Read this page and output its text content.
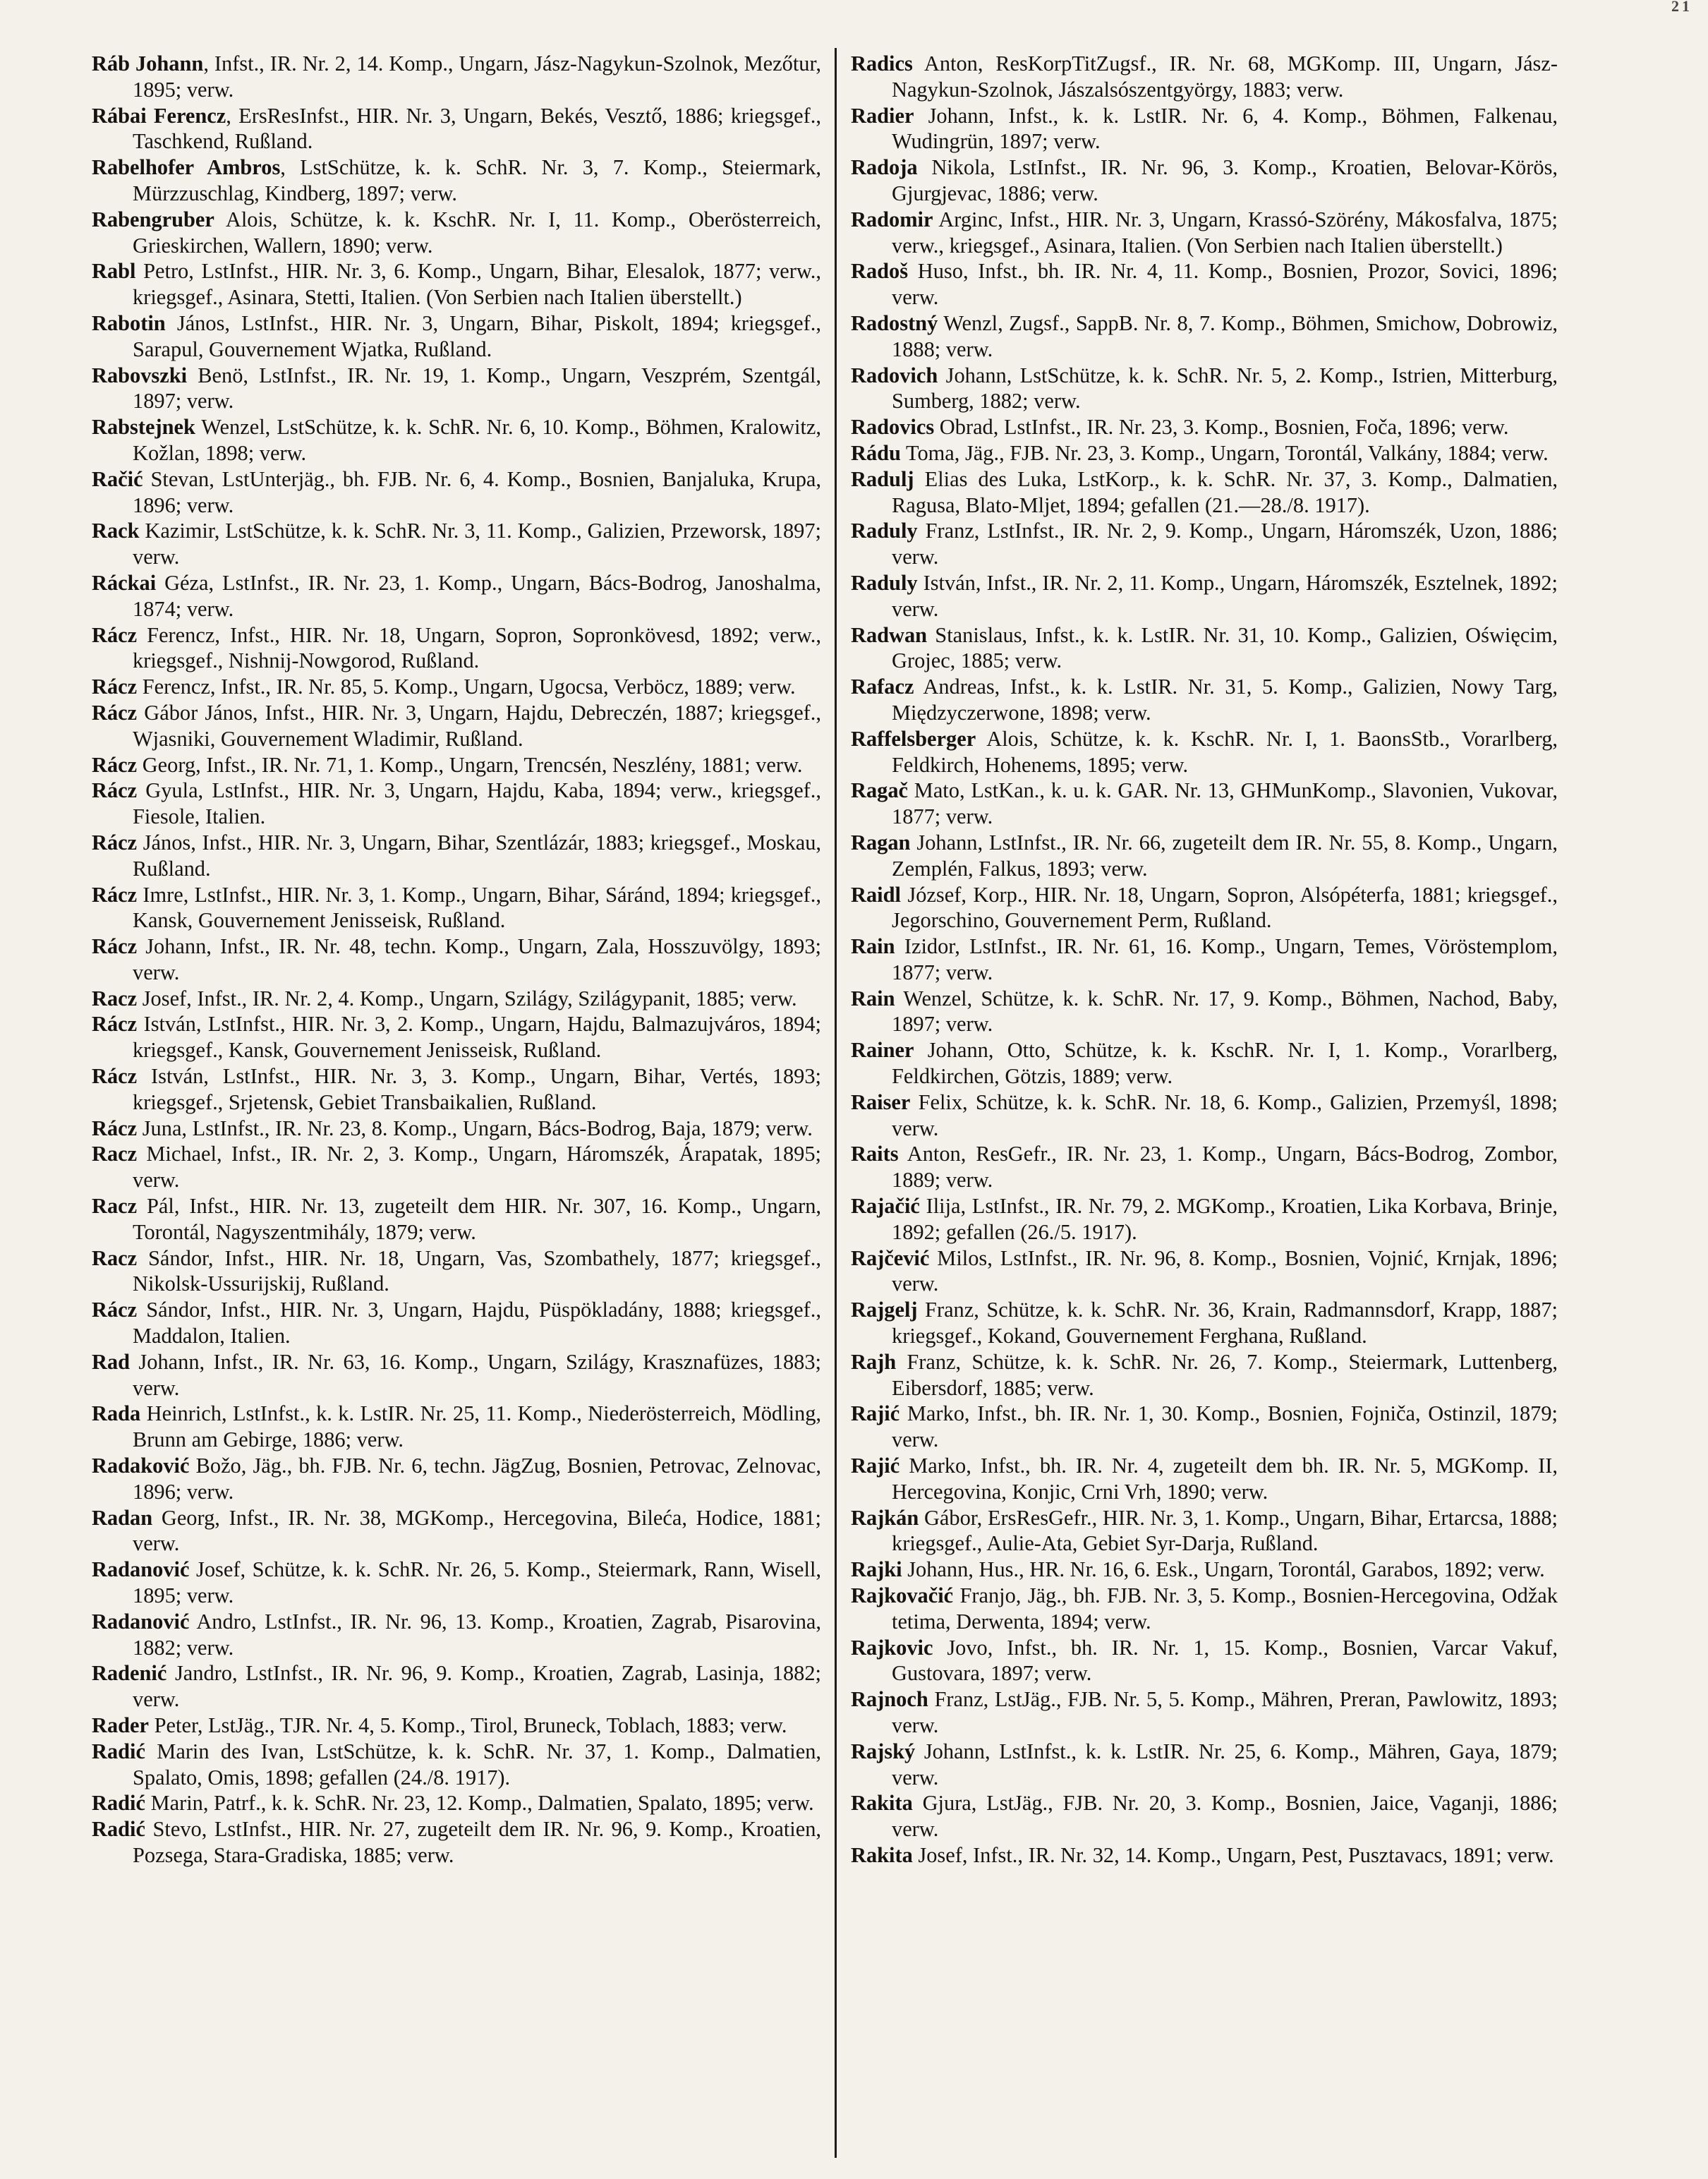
21

Ráb Johann, Infst., IR. Nr. 2, 14. Komp., Ungarn, Jász-Nagykun-Szolnok, Mezőtur, 1895; verw.

Rábai Ferencz, ErsResInfst., HIR. Nr. 3, Ungarn, Bekés, Vesztő, 1886; kriegsgef., Taschkend, Rußland.

Rabelhofer Ambros, LstSchütze, k. k. SchR. Nr. 3, 7. Komp., Steiermark, Mürzzuschlag, Kindberg, 1897; verw.

Rabengruber Alois, Schütze, k. k. KschR. Nr. I, 11. Komp., Oberösterreich, Grieskirchen, Wallern, 1890; verw.

Rabl Petro, LstInfst., HIR. Nr. 3, 6. Komp., Ungarn, Bihar, Elesalok, 1877; verw., kriegsgef., Asinara, Stetti, Italien. (Von Serbien nach Italien überstellt.)

Rabotin János, LstInfst., HIR. Nr. 3, Ungarn, Bihar, Piskolt, 1894; kriegsgef., Sarapul, Gouvernement Wjatka, Rußland.

Rabovszki Benö, LstInfst., IR. Nr. 19, 1. Komp., Ungarn, Veszprém, Szentgál, 1897; verw.

Rabstejnek Wenzel, LstSchütze, k. k. SchR. Nr. 6, 10. Komp., Böhmen, Kralowitz, Kožlan, 1898; verw.

Račić Stevan, LstUnterjäg., bh. FJB. Nr. 6, 4. Komp., Bosnien, Banjaluka, Krupa, 1896; verw.

Rack Kazimir, LstSchütze, k. k. SchR. Nr. 3, 11. Komp., Galizien, Przeworsk, 1897; verw.

Ráckai Géza, LstInfst., IR. Nr. 23, 1. Komp., Ungarn, Bács-Bodrog, Janoshalma, 1874; verw.

Rácz Ferencz, Infst., HIR. Nr. 18, Ungarn, Sopron, Sopronkövesd, 1892; verw., kriegsgef., Nishnij-Nowgorod, Rußland.

Rácz Ferencz, Infst., IR. Nr. 85, 5. Komp., Ungarn, Ugocsa, Verböcz, 1889; verw.

Rácz Gábor János, Infst., HIR. Nr. 3, Ungarn, Hajdu, Debreczén, 1887; kriegsgef., Wjasniki, Gouvernement Wladimir, Rußland.

Rácz Georg, Infst., IR. Nr. 71, 1. Komp., Ungarn, Trencsén, Neszlény, 1881; verw.

Rácz Gyula, LstInfst., HIR. Nr. 3, Ungarn, Hajdu, Kaba, 1894; verw., kriegsgef., Fiesole, Italien.

Rácz János, Infst., HIR. Nr. 3, Ungarn, Bihar, Szentlázár, 1883; kriegsgef., Moskau, Rußland.

Rácz Imre, LstInfst., HIR. Nr. 3, 1. Komp., Ungarn, Bihar, Sáránd, 1894; kriegsgef., Kansk, Gouvernement Jenisseisk, Rußland.

Rácz Johann, Infst., IR. Nr. 48, techn. Komp., Ungarn, Zala, Hosszuvölgy, 1893; verw.

Racz Josef, Infst., IR. Nr. 2, 4. Komp., Ungarn, Szilágy, Szilágypanit, 1885; verw.

Rácz István, LstInfst., HIR. Nr. 3, 2. Komp., Ungarn, Hajdu, Balmazujváros, 1894; kriegsgef., Kansk, Gouvernement Jenisseisk, Rußland.

Rácz István, LstInfst., HIR. Nr. 3, 3. Komp., Ungarn, Bihar, Vertés, 1893; kriegsgef., Srjetensk, Gebiet Transbaikalien, Rußland.

Rácz Juna, LstInfst., IR. Nr. 23, 8. Komp., Ungarn, Bács-Bodrog, Baja, 1879; verw.

Racz Michael, Infst., IR. Nr. 2, 3. Komp., Ungarn, Háromszék, Árapatak, 1895; verw.

Racz Pál, Infst., HIR. Nr. 13, zugeteilt dem HIR. Nr. 307, 16. Komp., Ungarn, Torontál, Nagyszentmihály, 1879; verw.

Racz Sándor, Infst., HIR. Nr. 18, Ungarn, Vas, Szombathely, 1877; kriegsgef., Nikolsk-Ussurijskij, Rußland.

Rácz Sándor, Infst., HIR. Nr. 3, Ungarn, Hajdu, Püspökladány, 1888; kriegsgef., Maddalon, Italien.

Rad Johann, Infst., IR. Nr. 63, 16. Komp., Ungarn, Szilágy, Krasznafüzes, 1883; verw.

Rada Heinrich, LstInfst., k. k. LstIR. Nr. 25, 11. Komp., Niederösterreich, Mödling, Brunn am Gebirge, 1886; verw.

Radaković Božo, Jäg., bh. FJB. Nr. 6, techn. JägZug, Bosnien, Petrovac, Zelnovac, 1896; verw.

Radan Georg, Infst., IR. Nr. 38, MGKomp., Hercegovina, Bileća, Hodice, 1881; verw.

Radanović Josef, Schütze, k. k. SchR. Nr. 26, 5. Komp., Steiermark, Rann, Wisell, 1895; verw.

Radanović Andro, LstInfst., IR. Nr. 96, 13. Komp., Kroatien, Zagrab, Pisarovina, 1882; verw.

Radenić Jandro, LstInfst., IR. Nr. 96, 9. Komp., Kroatien, Zagrab, Lasinja, 1882; verw.

Rader Peter, LstJäg., TJR. Nr. 4, 5. Komp., Tirol, Bruneck, Toblach, 1883; verw.

Radić Marin des Ivan, LstSchütze, k. k. SchR. Nr. 37, 1. Komp., Dalmatien, Spalato, Omis, 1898; gefallen (24./8. 1917).

Radić Marin, Patrf., k. k. SchR. Nr. 23, 12. Komp., Dalmatien, Spalato, 1895; verw.

Radić Stevo, LstInfst., HIR. Nr. 27, zugeteilt dem IR. Nr. 96, 9. Komp., Kroatien, Pozsega, Stara-Gradiska, 1885; verw.

Radics Anton, ResKorpTitZugsf., IR. Nr. 68, MGKomp. III, Ungarn, Jász-Nagykun-Szolnok, Jászalsószentgyörgy, 1883; verw.

Radier Johann, Infst., k. k. LstIR. Nr. 6, 4. Komp., Böhmen, Falkenau, Wudingrün, 1897; verw.

Radoja Nikola, LstInfst., IR. Nr. 96, 3. Komp., Kroatien, Belovar-Körös, Gjurgjevac, 1886; verw.

Radomir Arginc, Infst., HIR. Nr. 3, Ungarn, Krassó-Szörény, Mákosfalva, 1875; verw., kriegsgef., Asinara, Italien. (Von Serbien nach Italien überstellt.)

Radoš Huso, Infst., bh. IR. Nr. 4, 11. Komp., Bosnien, Prozor, Sovici, 1896; verw.

Radostný Wenzl, Zugsf., SappB. Nr. 8, 7. Komp., Böhmen, Smichow, Dobrowiz, 1888; verw.

Radovich Johann, LstSchütze, k. k. SchR. Nr. 5, 2. Komp., Istrien, Mitterburg, Sumberg, 1882; verw.

Radovics Obrad, LstInfst., IR. Nr. 23, 3. Komp., Bosnien, Foča, 1896; verw.

Rádu Toma, Jäg., FJB. Nr. 23, 3. Komp., Ungarn, Torontál, Valkány, 1884; verw.

Radulj Elias des Luka, LstKorp., k. k. SchR. Nr. 37, 3. Komp., Dalmatien, Ragusa, Blato-Mljet, 1894; gefallen (21.—28./8. 1917).

Raduly Franz, LstInfst., IR. Nr. 2, 9. Komp., Ungarn, Háromszék, Uzon, 1886; verw.

Raduly István, Infst., IR. Nr. 2, 11. Komp., Ungarn, Háromszék, Esztelnek, 1892; verw.

Radwan Stanislaus, Infst., k. k. LstIR. Nr. 31, 10. Komp., Galizien, Oświęcim, Grojec, 1885; verw.

Rafacz Andreas, Infst., k. k. LstIR. Nr. 31, 5. Komp., Galizien, Nowy Targ, Międzyczerwone, 1898; verw.

Raffelsberger Alois, Schütze, k. k. KschR. Nr. I, 1. BaonsStb., Vorarlberg, Feldkirch, Hohenems, 1895; verw.

Ragač Mato, LstKan., k. u. k. GAR. Nr. 13, GHMunKomp., Slavonien, Vukovar, 1877; verw.

Ragan Johann, LstInfst., IR. Nr. 66, zugeteilt dem IR. Nr. 55, 8. Komp., Ungarn, Zemplén, Falkus, 1893; verw.

Raidl József, Korp., HIR. Nr. 18, Ungarn, Sopron, Alsópéterfa, 1881; kriegsgef., Jegorschino, Gouvernement Perm, Rußland.

Rain Izidor, LstInfst., IR. Nr. 61, 16. Komp., Ungarn, Temes, Vöröstemplom, 1877; verw.

Rain Wenzel, Schütze, k. k. SchR. Nr. 17, 9. Komp., Böhmen, Nachod, Baby, 1897; verw.

Rainer Johann, Otto, Schütze, k. k. KschR. Nr. I, 1. Komp., Vorarlberg, Feldkirchen, Götzis, 1889; verw.

Raiser Felix, Schütze, k. k. SchR. Nr. 18, 6. Komp., Galizien, Przemyśl, 1898; verw.

Raits Anton, ResGefr., IR. Nr. 23, 1. Komp., Ungarn, Bács-Bodrog, Zombor, 1889; verw.

Rajačić Ilija, LstInfst., IR. Nr. 79, 2. MGKomp., Kroatien, Lika Korbava, Brinje, 1892; gefallen (26./5. 1917).

Rajčević Milos, LstInfst., IR. Nr. 96, 8. Komp., Bosnien, Vojnić, Krnjak, 1896; verw.

Rajgelj Franz, Schütze, k. k. SchR. Nr. 36, Krain, Radmannsdorf, Krapp, 1887; kriegsgef., Kokand, Gouvernement Ferghana, Rußland.

Rajh Franz, Schütze, k. k. SchR. Nr. 26, 7. Komp., Steiermark, Luttenberg, Eibersdorf, 1885; verw.

Rajić Marko, Infst., bh. IR. Nr. 1, 30. Komp., Bosnien, Fojniča, Ostinzil, 1879; verw.

Rajić Marko, Infst., bh. IR. Nr. 4, zugeteilt dem bh. IR. Nr. 5, MGKomp. II, Hercegovina, Konjic, Crni Vrh, 1890; verw.

Rajkán Gábor, ErsResGefr., HIR. Nr. 3, 1. Komp., Ungarn, Bihar, Ertarcsa, 1888; kriegsgef., Aulie-Ata, Gebiet Syr-Darja, Rußland.

Rajki Johann, Hus., HR. Nr. 16, 6. Esk., Ungarn, Torontál, Garabos, 1892; verw.

Rajkovačić Franjo, Jäg., bh. FJB. Nr. 3, 5. Komp., Bosnien-Hercegovina, Odžak tetima, Derwenta, 1894; verw.

Rajkovic Jovo, Infst., bh. IR. Nr. 1, 15. Komp., Bosnien, Varcar Vakuf, Gustovara, 1897; verw.

Rajnoch Franz, LstJäg., FJB. Nr. 5, 5. Komp., Mähren, Preran, Pawlowitz, 1893; verw.

Rajský Johann, LstInfst., k. k. LstIR. Nr. 25, 6. Komp., Mähren, Gaya, 1879; verw.

Rakita Gjura, LstJäg., FJB. Nr. 20, 3. Komp., Bosnien, Jaice, Vaganji, 1886; verw.

Rakita Josef, Infst., IR. Nr. 32, 14. Komp., Ungarn, Pest, Pusztavacs, 1891; verw.
